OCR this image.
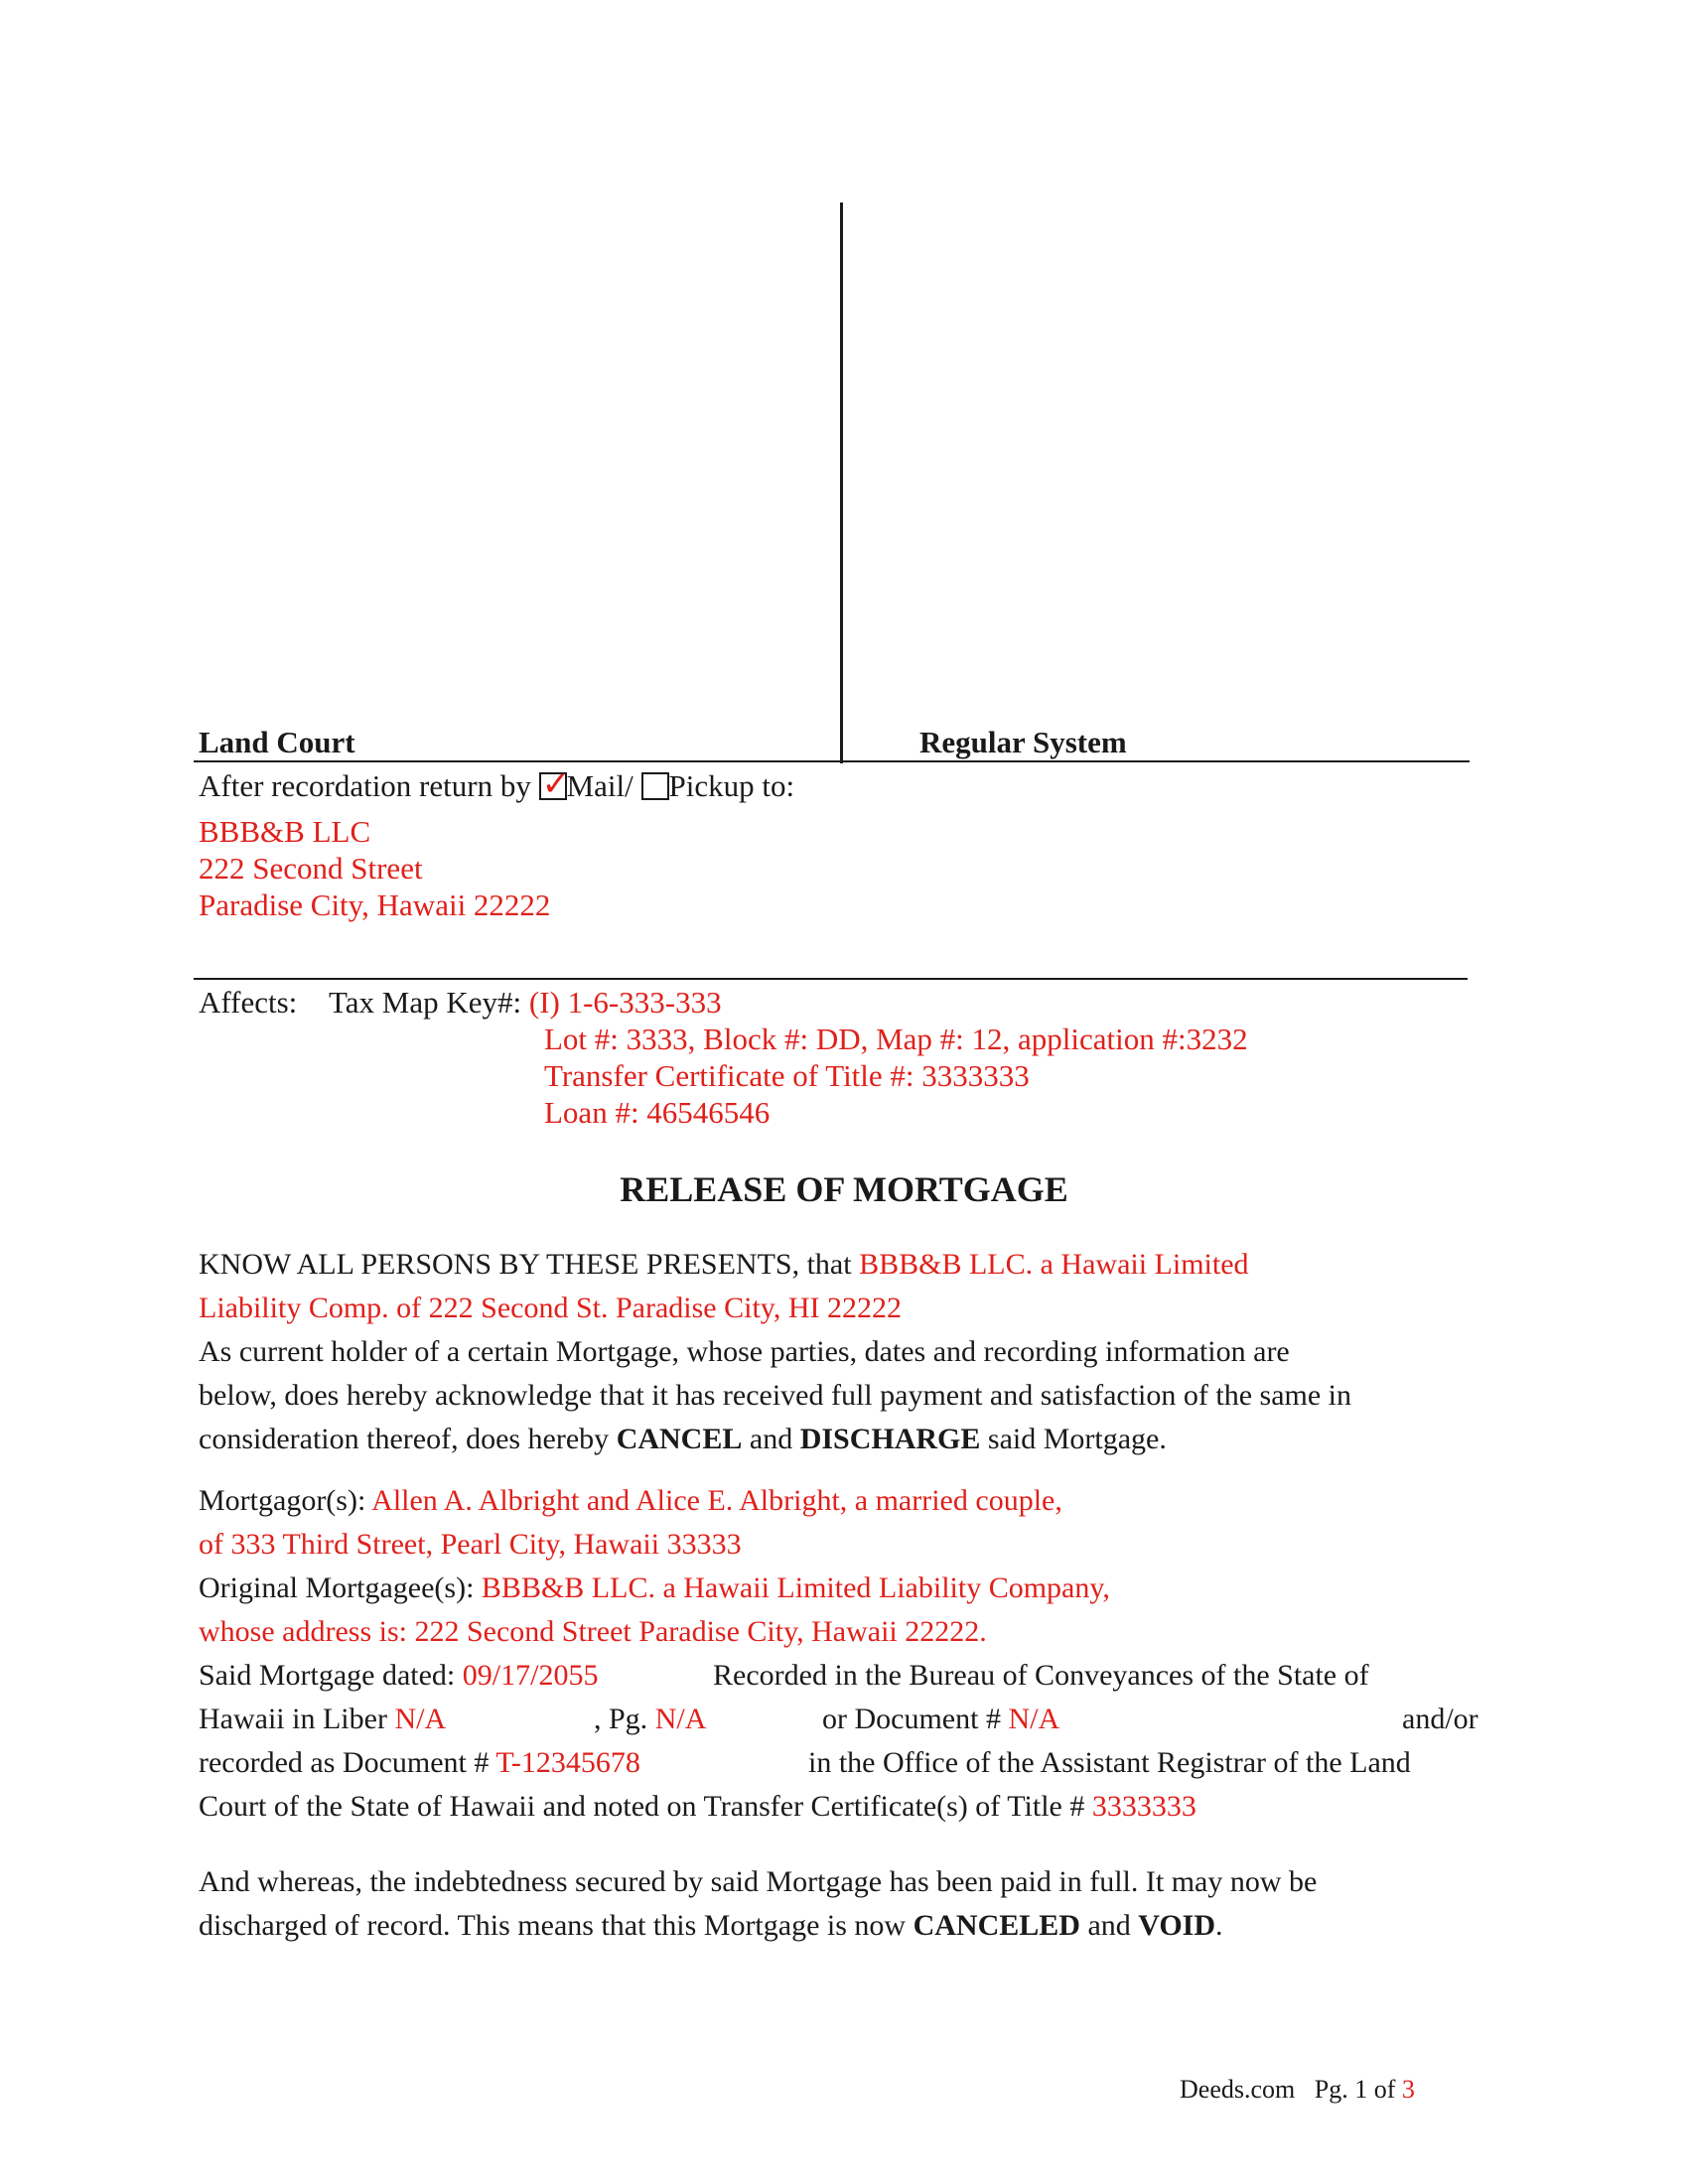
Land Court	Regular System
After recordation return by ✓
Mail/ Pickup to:
BBB&B LLC
222 Second Street
Paradise City, Hawaii 22222
Affects: Tax Map Key#: (I) 1-6-333-333
Lot #: 3333, Block #: DD, Map #: 12, application #:3232
Transfer Certificate of Title #: 3333333
Loan #: 46546546
RELEASE OF MORTGAGE
KNOW ALL PERSONS BY THESE PRESENTS, that BBB&B LLC. a Hawaii Limited
Liability Comp. of 222 Second St. Paradise City, HI 22222
As current holder of a certain Mortgage, whose parties, dates and recording information are
below, does hereby acknowledge that it has received full payment and satisfaction of the same in
consideration thereof, does hereby CANCEL and DISCHARGE said Mortgage.
Mortgagor(s): Allen A. Albright and Alice E. Albright, a married couple,
of 333 Third Street, Pearl City, Hawaii 33333
Original Mortgagee(s): BBB&B LLC. a Hawaii Limited Liability Company,
whose address is: 222 Second Street Paradise City, Hawaii 22222.
Said Mortgage dated: 09/17/2055	Recorded in the Bureau of Conveyances of the State of
Hawaii in Liber N/A	, Pg. N/A	or Document # N/A	and/or
recorded as Document # T-12345678	in the Office of the Assistant Registrar of the Land
Court of the State of Hawaii and noted on Transfer Certificate(s) of Title # 3333333
And whereas, the indebtedness secured by said Mortgage has been paid in full. It may now be
discharged of record. This means that this Mortgage is now CANCELED and VOID.
Deeds.com Pg. 1 of 3
